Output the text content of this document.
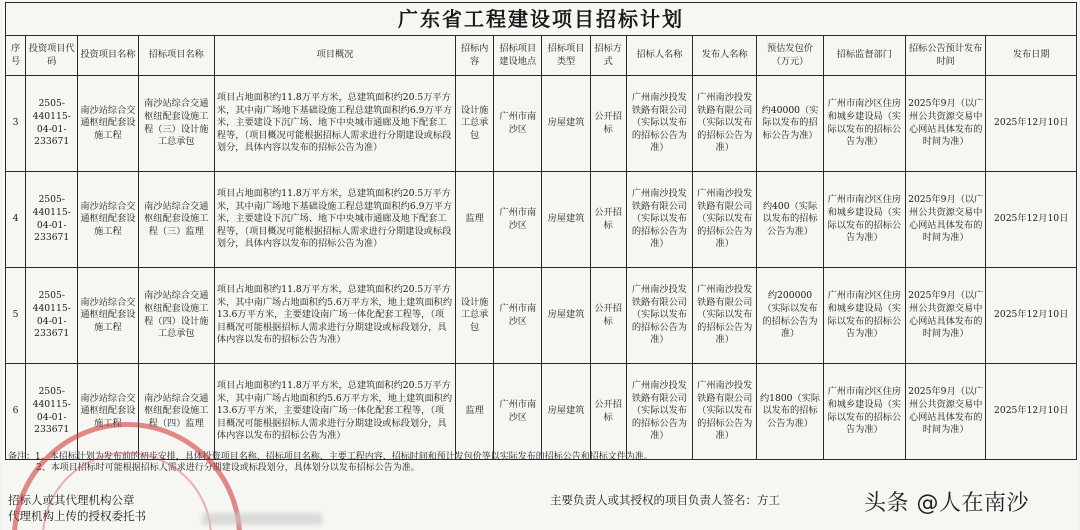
广东省工程建设项目招标计划														
序号	投资项目代码	投资项目名称	招标项目名称	项目概况	招标内容	招标项目建设地点	招标项目类型	招标方式	招标人名称	发布人名称	预估发包价（万元）	招标监督部门	招标公告预计发布时间	发布日期
3	2505-440115-04-01-233671	南沙站综合交通枢纽配套设施工程	南沙站综合交通枢纽配套设施工程（三）设计施工总承包	项目占地面积约11.8万平方米，总建筑面积约20.5万平方米，其中南广场地下基础设施工程总建筑面积约6.9万平方米，主要建设下沉广场、地下中央城市通廊及地下配套工程等，（项目概况可能根据招标人需求进行分期建设或标段划分，具体内容以发布的招标公告为准）	设计施工总承包	广州市南沙区	房屋建筑	公开招标	广州南沙投发铁路有限公司（实际以发布的招标公告为准）	广州南沙投发铁路有限公司（实际以发布的招标公告为准）	约40000（实际以发布的招标公告为准）	广州市南沙区住房和城乡建设局（实际以发布的招标公告为准）	2025年9月（以广州公共资源交易中心网站具体发布的时间为准）	2025年12月10日
4	2505-440115-04-01-233671	南沙站综合交通枢纽配套设施工程	南沙站综合交通枢纽配套设施工程（三）监理	项目占地面积约11.8万平方米，总建筑面积约20.5万平方米，其中南广场地下基础设施工程总建筑面积约6.9万平方米，主要建设下沉广场、地下中央城市通廊及地下配套工程等，（项目概况可能根据招标人需求进行分期建设或标段划分，具体内容以发布的招标公告为准）	监理	广州市南沙区	房屋建筑	公开招标	广州南沙投发铁路有限公司（实际以发布的招标公告为准）	广州南沙投发铁路有限公司（实际以发布的招标公告为准）	约400（实际以发布的招标公告为准）	广州市南沙区住房和城乡建设局（实际以发布的招标公告为准）	2025年9月（以广州公共资源交易中心网站具体发布的时间为准）	2025年12月10日
5	2505-440115-04-01-233671	南沙站综合交通枢纽配套设施工程	南沙站综合交通枢纽配套设施工程（四）设计施工总承包	项目占地面积约11.8万平方米，总建筑面积约20.5万平方米，其中南广场占地面积约5.6万平方米，地上建筑面积约13.6万平方米，主要建设南广场一体化配套工程等，（项目概况可能根据招标人需求进行分期建设或标段划分，具体内容以发布的招标公告为准）	设计施工总承包	广州市南沙区	房屋建筑	公开招标	广州南沙投发铁路有限公司（实际以发布的招标公告为准）	广州南沙投发铁路有限公司（实际以发布的招标公告为准）	约200000（实际以发布的招标公告为准）	广州市南沙区住房和城乡建设局（实际以发布的招标公告为准）	2025年9月（以广州公共资源交易中心网站具体发布的时间为准）	2025年12月10日
6	2505-440115-04-01-233671	南沙站综合交通枢纽配套设施工程	南沙站综合交通枢纽配套设施工程（四）监理	项目占地面积约11.8万平方米，总建筑面积约20.5万平方米，其中南广场占地面积约5.6万平方米，地上建筑面积约13.6万平方米，主要建设南广场一体化配套工程等，（项目概况可能根据招标人需求进行分期建设或标段划分，具体内容以发布的招标公告为准）	监理	广州市南沙区	房屋建筑	公开招标	广州南沙投发铁路有限公司（实际以发布的招标公告为准）	广州南沙投发铁路有限公司（实际以发布的招标公告为准）	约1800（实际以发布的招标公告为准）	广州市南沙区住房和城乡建设局（实际以发布的招标公告为准）	2025年9月（以广州公共资源交易中心网站具体发布的时间为准）	2025年12月10日
备注：1、本招标计划为发布前的初步安排，具体投资项目名称、招标项目名称、主要工程内容、招标时间和预计发包价等以实际发布的招标公告和招标文件为准。
2、本项目招标时可能根据招标人需求进行分期建设或标段划分，具体划分以发布招标公告为准。
招标人或其代理机构公章
代理机构上传的授权委托书
主要负责人或其授权的项目负责人签名：方工	头条 @人在南沙
